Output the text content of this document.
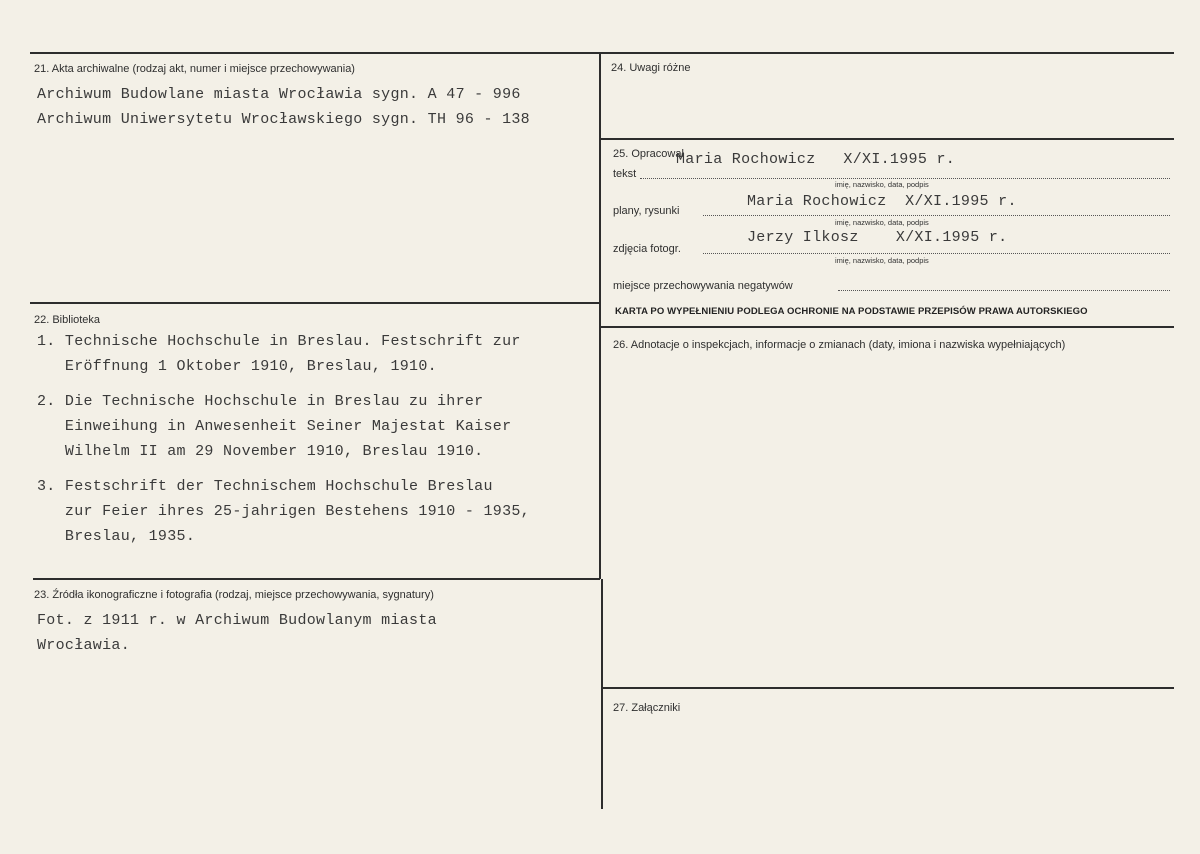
21. Akta archiwalne (rodzaj akt, numer i miejsce przechowywania)
Archiwum Budowlane miasta Wrocławia sygn. A 47 - 996
Archiwum Uniwersytetu Wrocławskiego sygn. TH 96 - 138
22. Biblioteka
1. Technische Hochschule in Breslau. Festschrift zur
Eröffnung 1 Oktober 1910, Breslau, 1910.
2. Die Technische Hochschule in Breslau zu ihrer
Einweihung in Anwesenheit Seiner Majestat Kaiser
Wilhelm II am 29 November 1910, Breslau 1910.
3. Festschrift der Technischem Hochschule Breslau
zur Feier ihres 25-jahrigen Bestehens 1910 - 1935,
Breslau, 1935.
23. Źródła ikonograficzne i fotografia (rodzaj, miejsce przechowywania, sygnatury)
Fot. z 1911 r. w Archiwum Budowlanym miasta
Wrocławia.
24. Uwagi różne
25. Opracował
tekst
Maria Rochowicz   X/XI.1995 r.
imię, nazwisko, data, podpis
plany, rysunki
Maria Rochowicz  X/XI.1995 r.
imię, nazwisko, data, podpis
zdjęcia fotogr.
Jerzy Ilkosz    X/XI.1995 r.
imię, nazwisko, data, podpis
miejsce przechowywania negatywów
KARTA PO WYPEŁNIENIU PODLEGA OCHRONIE NA PODSTAWIE PRZEPISÓW PRAWA AUTORSKIEGO
26. Adnotacje o inspekcjach, informacje o zmianach (daty, imiona i nazwiska wypełniających)
27. Załączniki
